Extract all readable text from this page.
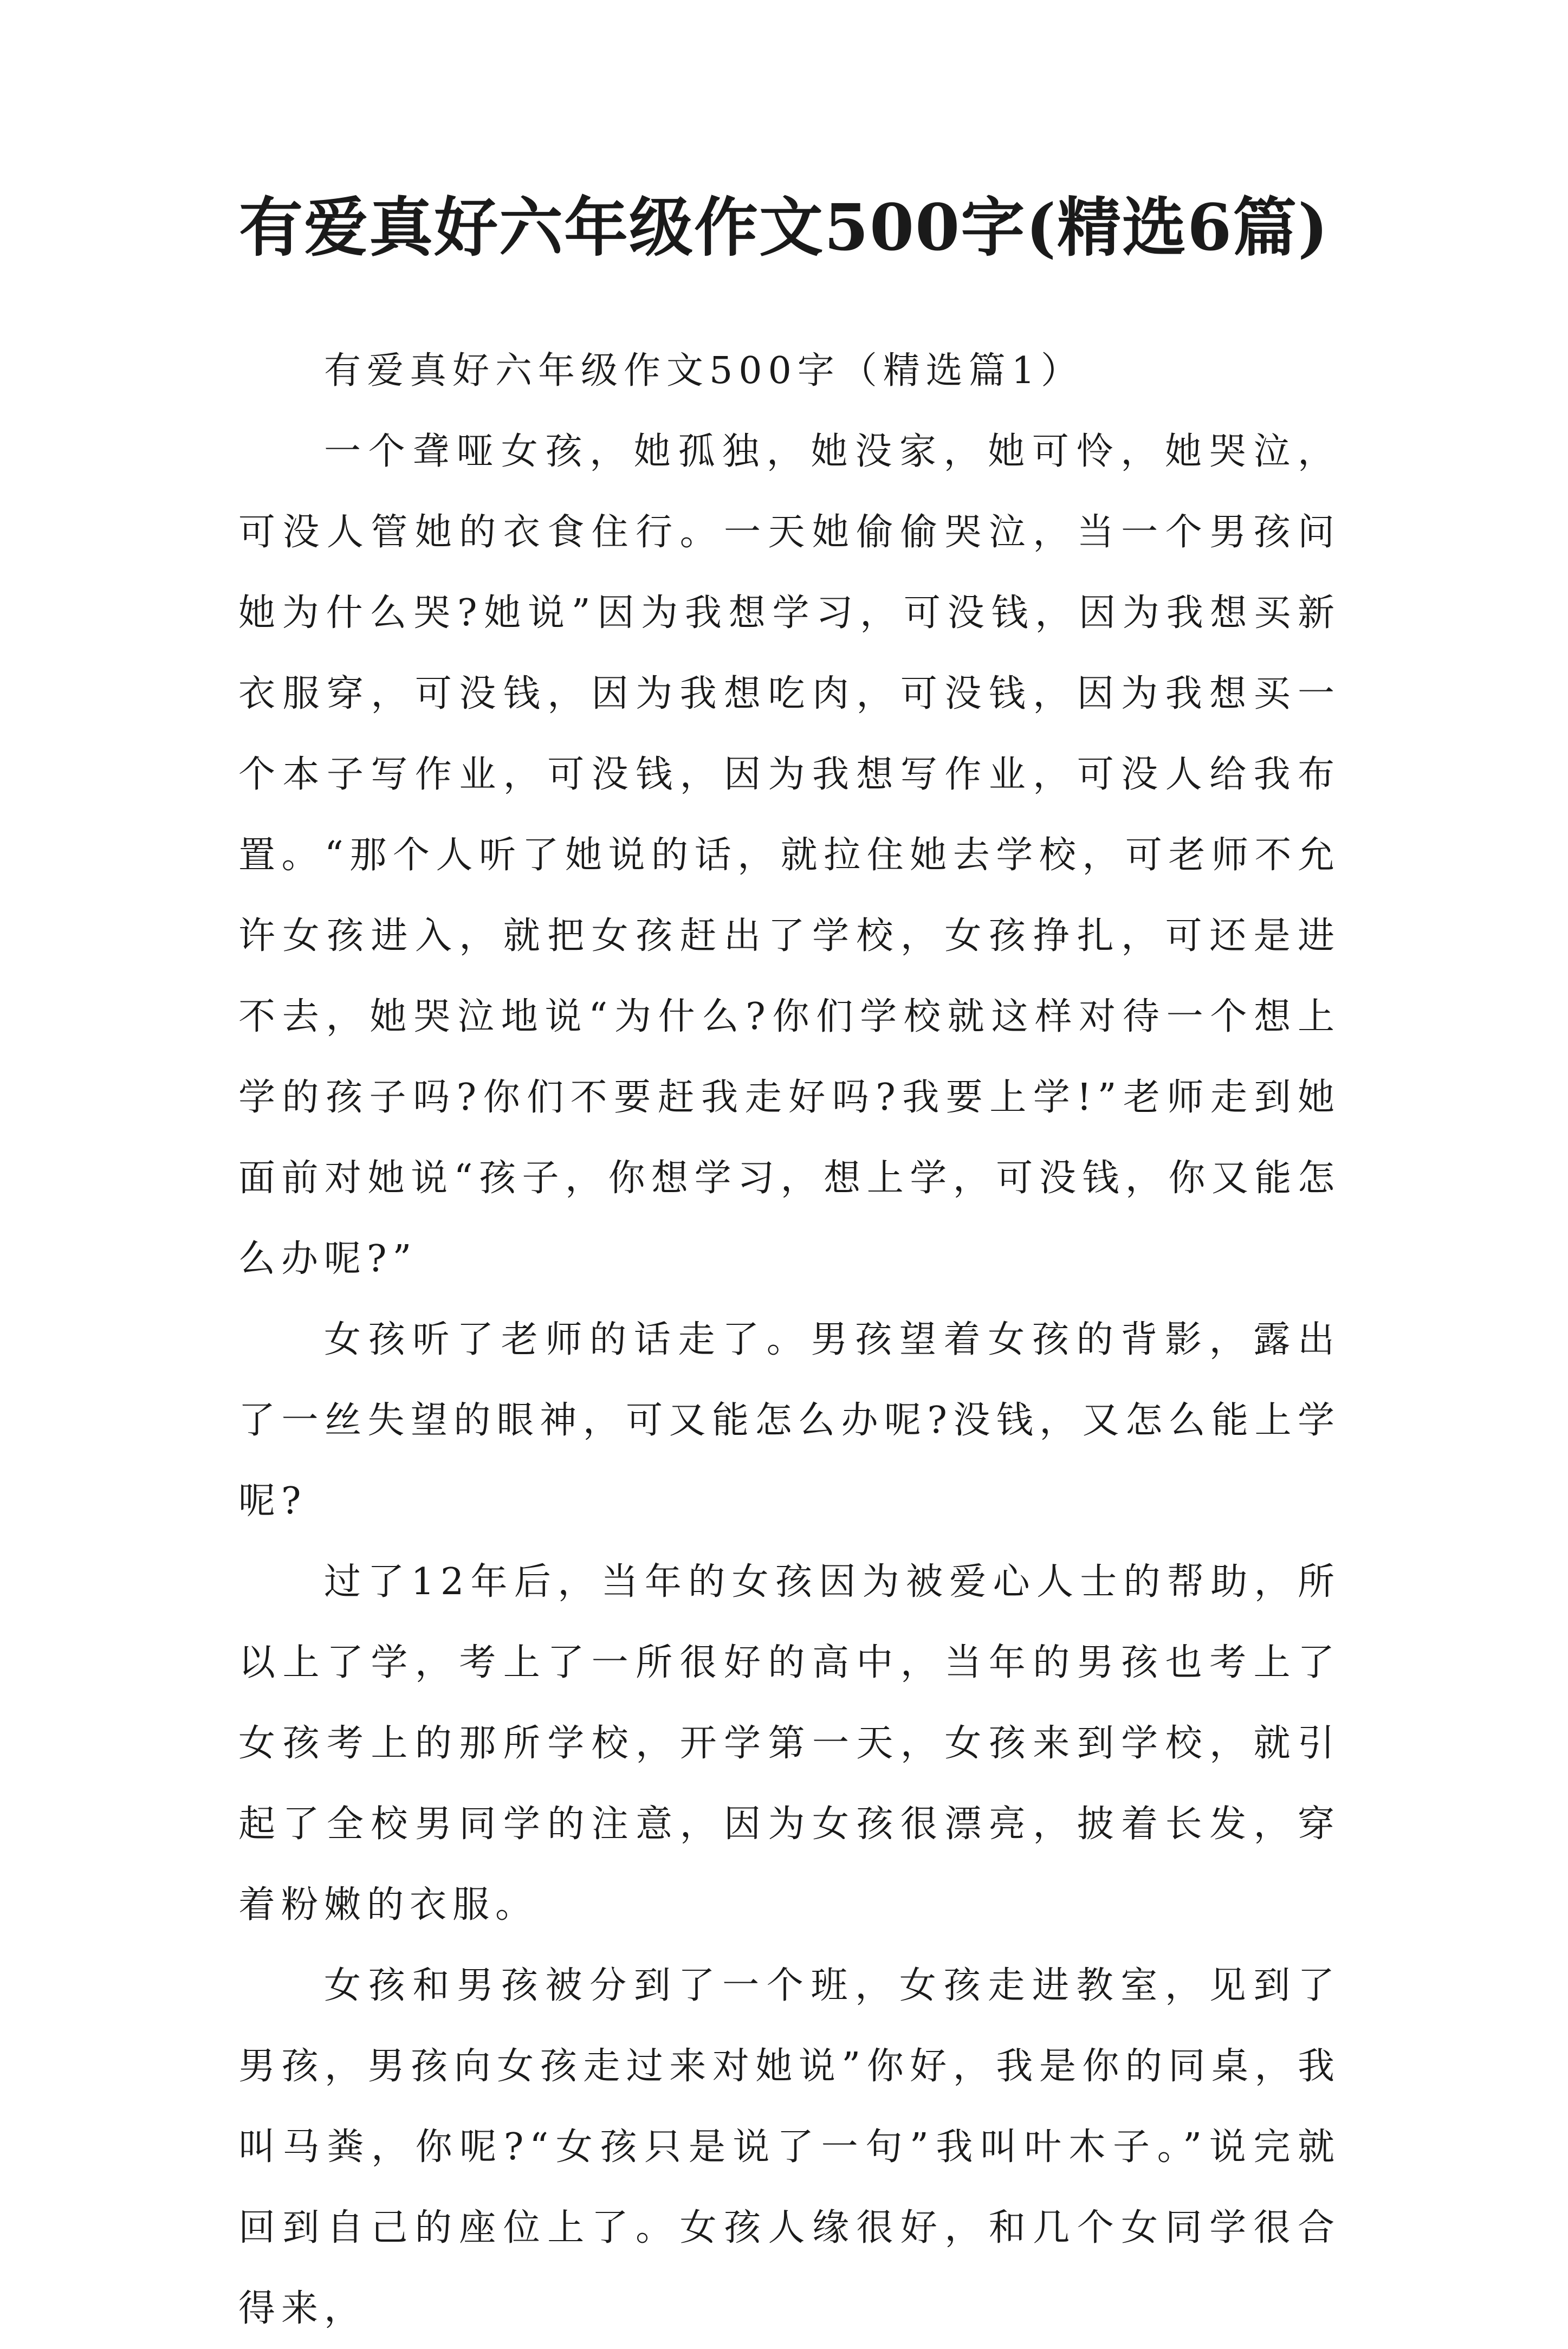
有爱真好六年级作文500字(精选6篇)

有爱真好六年级作文500字（精选篇1）

一个聋哑女孩，她孤独，她没家，她可怜，她哭泣，可没人管她的衣食住行。一天她偷偷哭泣，当一个男孩问她为什么哭?她说”因为我想学习，可没钱，因为我想买新衣服穿，可没钱，因为我想吃肉，可没钱，因为我想买一个本子写作业，可没钱，因为我想写作业，可没人给我布置。“那个人听了她说的话，就拉住她去学校，可老师不允许女孩进入，就把女孩赶出了学校，女孩挣扎，可还是进不去，她哭泣地说“为什么?你们学校就这样对待一个想上学的孩子吗?你们不要赶我走好吗?我要上学!”老师走到她面前对她说“孩子，你想学习，想上学，可没钱，你又能怎么办呢?”

女孩听了老师的话走了。男孩望着女孩的背影，露出了一丝失望的眼神，可又能怎么办呢?没钱，又怎么能上学呢?

过了12年后，当年的女孩因为被爱心人士的帮助，所以上了学，考上了一所很好的高中，当年的男孩也考上了女孩考上的那所学校，开学第一天，女孩来到学校，就引起了全校男同学的注意，因为女孩很漂亮，披着长发，穿着粉嫩的衣服。

女孩和男孩被分到了一个班，女孩走进教室，见到了男孩，男孩向女孩走过来对她说”你好，我是你的同桌，我叫马粪，你呢?“女孩只是说了一句”我叫叶木子。”说完就回到自己的座位上了。女孩人缘很好，和几个女同学很合得来，
